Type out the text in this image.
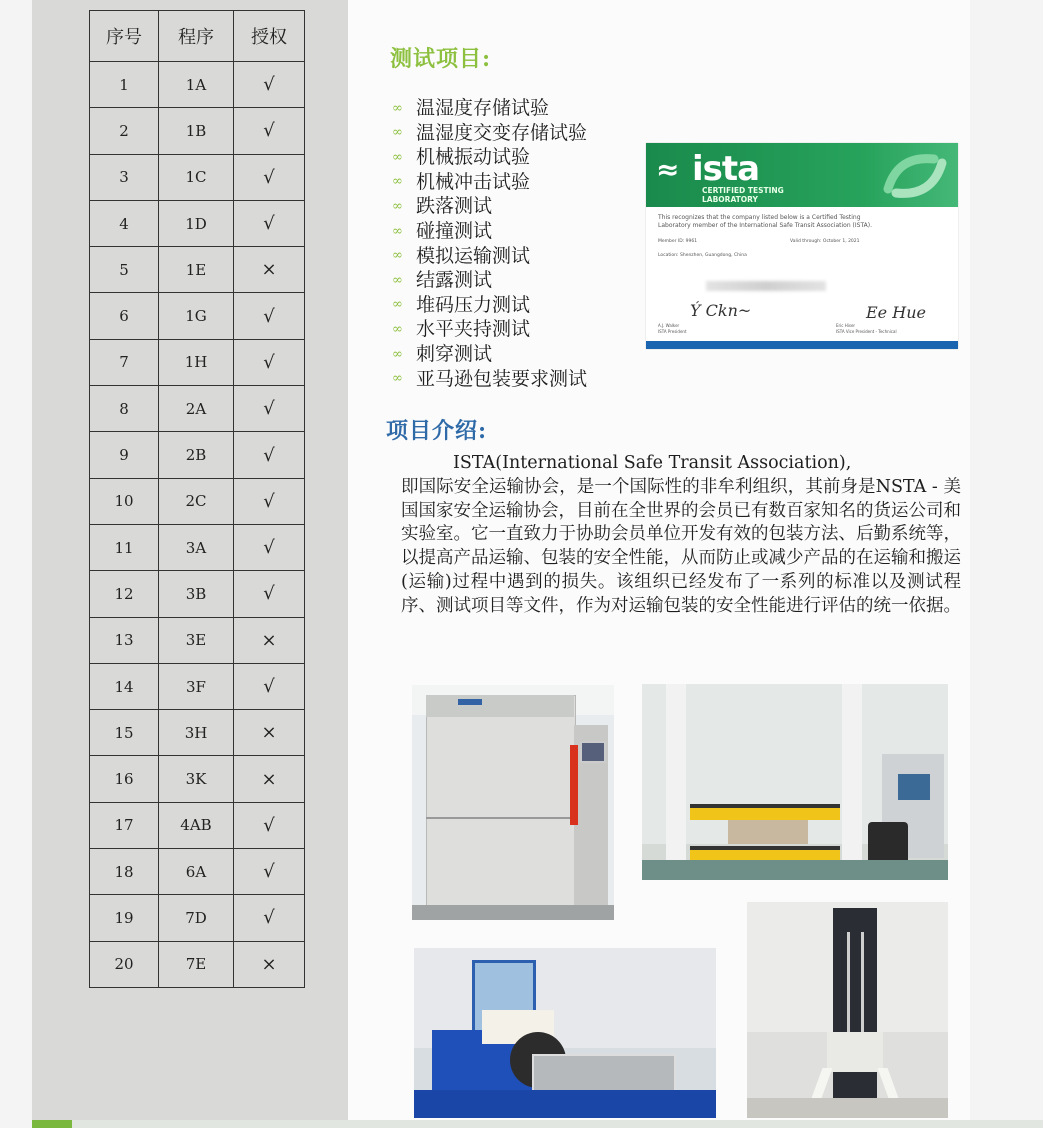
序号	程序	授权
1	1A	√
2	1B	√
3	1C	√
4	1D	√
5	1E	×
6	1G	√
7	1H	√
8	2A	√
9	2B	√
10	2C	√
11	3A	√
12	3B	√
13	3E	×
14	3F	√
15	3H	×
16	3K	×
17	4AB	√
18	6A	√
19	7D	√
20	7E	×
测试项目:
∞ 温湿度存储试验
∞ 温湿度交变存储试验
∞ 机械振动试验
∞ 机械冲击试验
∞ 跌落测试
∞ 碰撞测试
∞ 模拟运输测试
∞ 结露测试
∞ 堆码压力测试
∞ 水平夹持测试
∞ 刺穿测试
∞ 亚马逊包装要求测试
≈ ista
CERTIFIED TESTING
LABORATORY
This recognizes that the company listed below is a Certified Testing
Laboratory member of the International Safe Transit Association (ISTA).
Member ID: 9961	Valid through: October 1, 2021
Location: Shenzhen, Guangdong, China
Ý Ckn~	Ee Hue
A.J. Walker
ISTA President
Eric Hiser
ISTA Vice President - Technical
项目介绍:
ISTA(International Safe Transit Association),
即国际安全运输协会，是一个国际性的非牟利组织，其前身是NSTA - 美国国家安全运输协会，目前在全世界的会员已有数百家知名的货运公司和实验室。它一直致力于协助会员单位开发有效的包装方法、后勤系统等，以提高产品运输、包装的安全性能，从而防止或减少产品的在运输和搬运(运输)过程中遇到的损失。该组织已经发布了一系列的标准以及测试程序、测试项目等文件，作为对运输包装的安全性能进行评估的统一依据。
